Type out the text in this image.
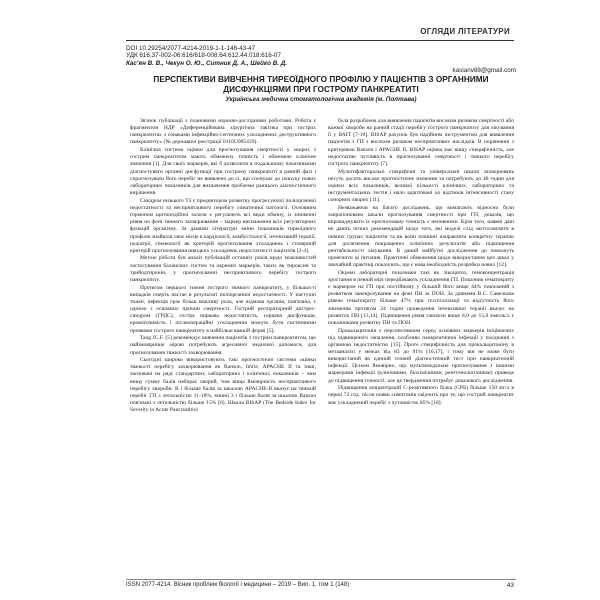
ОГЛЯДИ ЛІТЕРАТУРИ
DOI 10.29254/2077-4214-2019-1-1-148-43-47
УДК 616.37-002-06:616/618-008.64:612.44.018:616-07
Кас'ян В. В., Чекун О. Ю., Ситник Д. А., Шейко В. Д.
kasianv88@gmail.com
ПЕРСПЕКТИВИ ВИВЧЕННЯ ТИРЕОЇДНОГО ПРОФІЛЮ У ПАЦІЄНТІВ З ОРГАННИМИ ДИСФУНКЦІЯМИ ПРИ ГОСТРОМУ ПАНКРЕАТИТІ
Українська медична стоматологічна академія (м. Полтава)

Зв'язок публікації з плановими науково-дослідними роботами. Робота є фрагментом НДР «Диференційована хірургічна тактика при гострих панкреатитах з ознаками інфекційно-септичних ускладнених деструктивного панкреатиту» (№ державної реєстрації 0116U005439).

Клінічна система оцінки для прогнозування смертності у хворих з гострим панкреатитом мають обмежену точність і обмежене клінічне значення [1]. Для своїх маркерів, які б дозволили в подальшому показниками діагностувати органні дисфункції при гострому панкреатиті в ранній фазі і спрогнозувати його перебіг не виявлено до сі, що спонукає до пошуку нових лабораторних показників для визначення проблеми раннього діагностичного вирішення.

Синдром низького Т3 є предиктором розвитку прогресуючої поліорганної недостатності та несприятливого перебігу соматичної патології. Основним гормоном щитоподібної залози є регулюють всі види обміну, із зниженні рівня на фоні тяжкого захворювання – маркер виснаження всіх регуляторних функцій організму. За даними літератури зміни показників тиреоїдного профілю знайшли своє місце в кардіології, комбустіології, інтенсивній терапії, педіатрії, гінекології як критерій прогнозування ускладнень і стоварний критерій прогнозування швидких ускладнень недостатності пацієнтів [2-4].

Метою роботи був аналіз публікацій останніх років щодо можливостей застосування балансних систем та окремих маркерів, таких як тироксин та трийодтиронін, у прогнозуванні несприятливого перебігу гострого панкреатиту.

Протягом першого тижня гострого тяжкого панкреатиту, у більшості випадків смерть настає в результаті поліорганної недостатності. У наступні тижні, інфекція грає більш важливу роль, але відмова органів, пов'язана, є однією з основних причин смертності. Гострий респіраторний дистрес-синдром (ГРДС), гостра ниркова недостатність, серцева дисфункція, кровоточивість і післяопераційні ускладнення можуть бути системними проявами гострого панкреатиту в найбільш важкій формі [5].

Tang JC.F. [5] рекомендує вивчення пацієнтів з гострим панкреатитом, що найімовірніше мірою потребують агресивної медичної допомоги, для прогнозування тяжкості захворювання.

Сьогодні широко використовують такі прогностичні системи оцінки тяжкості перебігу захворювання як Ranson, Imrie, APACHE II та інші, засновані на ряді стандартних лабораторних і клінічних показників – чим вищу сумму балів набирає хворий, тим вища ймовірність несприятливого перебігу хвороби. В і більше балів за шкалою APACHE-II вказує на тяжкий перебіг ГП з летальністю 11-18%, змінні 3 і більше балів за шкалою Ranson пов'язані з летальністю більше 15% [6]. Шкала BISAP (The Bedside Index for Severity in Acute Pancreatitis)

була розроблена для виявлення пацієнтів високим ризиком смертності або важкої хвороби на ранній стадії перебігу гострого панкреатиту для лікування її у ВАІТ [7-10]. BISAP рахунок був надійним інструментом для виявлення пацієнтів з ГП з високим ризиком несприятливих наслідків. В порівнянні з критеріями Ranson і APACHE II, BISAP оцінка має вищу специфічність, але недостатню чутливість в прогнозуванні смертності і тяжкого перебігу гострого панкреатиту [7].

Мультифакторальні специфічні та універсальні шкали захворювань несуть досить високе прогностичне значення та потребують до 48 годин для оцінки всіх показників, великої кількості клінічних, лабораторних та інструментальних тестів і мало адаптовані до відтінків інтенсивності стану сонорних хворих [11].

Незважаючи на багато досліджень, що вимагають відносно були запропоновано шкали прогнозування смертності при ГП, доказів, що впроваджувати їх прогнозовану точність є неповними. Крім того, наявні дані не дають чітких рекомендацій щодо того, які моделі слід застосовувати в певних групах пацієнтів та як вони повинні направляти конкретну терапію для досягнення покращених клінічних результатів або підвищення рентабельності лікування. В даний майбутні дослідження до поможуть прояснити ці питання. Практичні обмеження щодо використання цих шкал у звичайній практиці показують, що є нова необхідність розробки нових [12].

Окремі лабораторні показники такі як лікоцитоз, гемоконцентрація зростання в певній мірі передбачають ускладнення ГП. Показник гематокриту є маркером на ГП при постійному у більшій його вище 44% пов'язаний з розвитком занекрозування на фоні ПН за ПОН. За даннями В.С. Савельєва рівень гематокриту більше 47% при госпіталізації та відсутність його зниження протягом 24 годин проведення інтенсивної терапії вказує на розвиток ПН [13,14]. Підвищення рівня глюкози вище 8,0 до 15,0 ммоль/л є показниками розвитку ПН та ПОН.

Прокальцитонін є перспективним серед основних маркерів ініціюючих під підвищеного запалення, особливо панкреатичної інфекції у поєднанні з органною недостатністю [15]. Проте специфічність для прокальцитоніну в метааналізі у межах від 83 до 91% [16,17], і тому він не може бути використаний як єдиний точний діагностичний тест при панкреатичній інфекції. Цілком ймовірно, що мультимодальне прогнозування з іншими маркерами інфекції (клінічними, біохімічними, рентгенологічними) приведе до підвищення точності, але це твердження потребує доказового дослідження.

Підвищення концентрацій С-реактивного білка (СРБ) більше 150 мг/л в перші 72 год. після появи симптомів свідчить про те, що гострий панкреатит має ускладнений перебіг з чутливістю 85% [18].

ISSN 2077-4214. Вісник проблем біології і медицини – 2019 – Вип. 1, том 1 (148)	43
